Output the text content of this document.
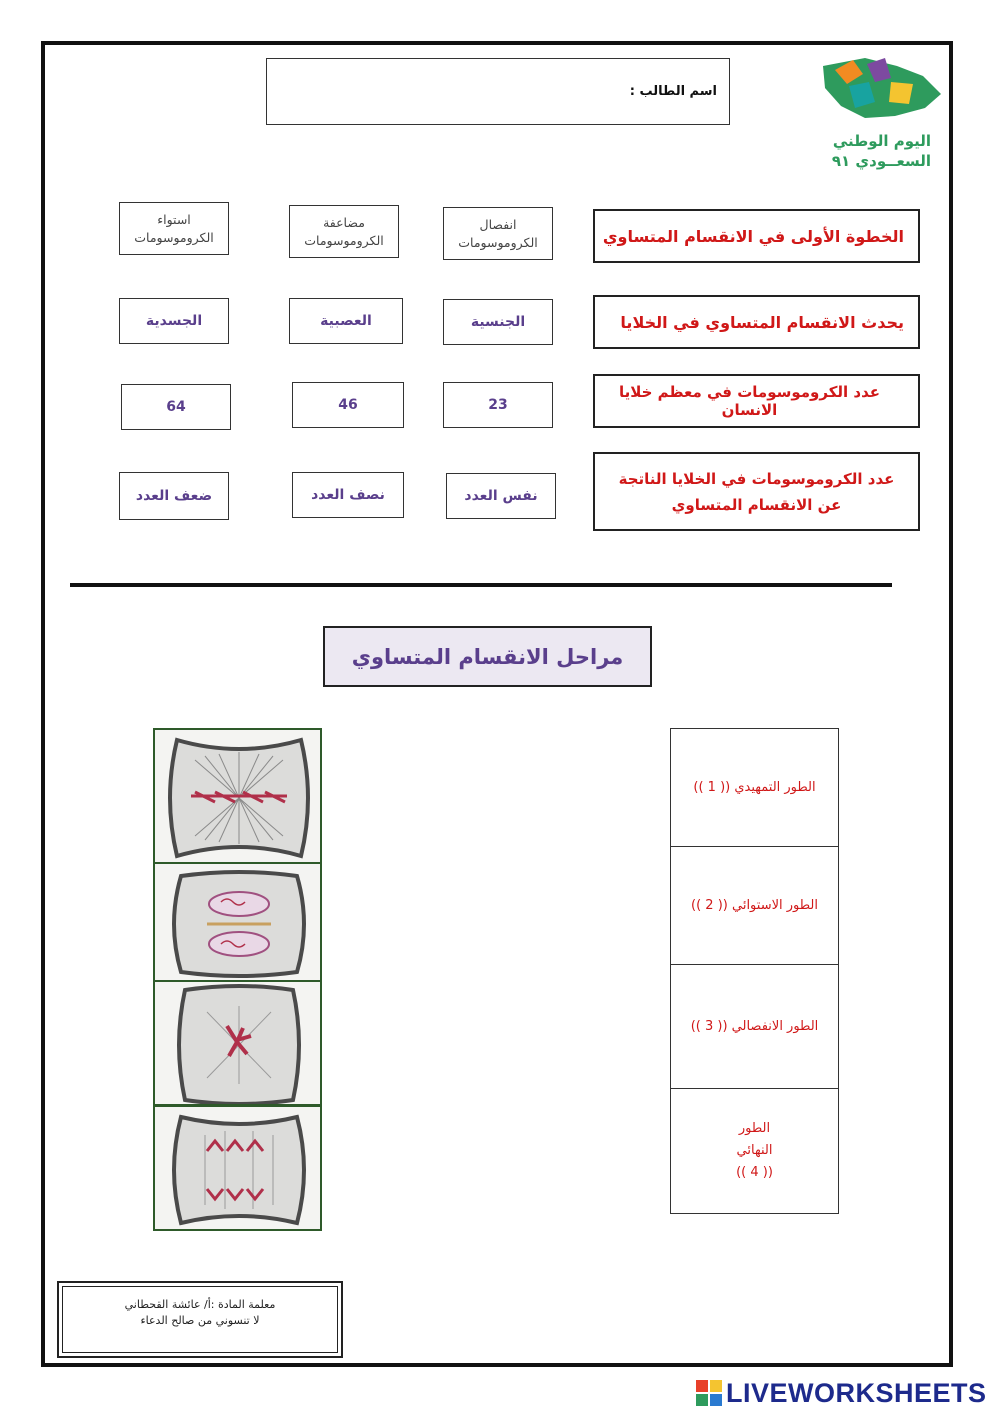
اليوم الوطني
السعــودي ٩١
اسم الطالب :
الخطوة الأولى في الانقسام المتساوي
انفصال الكروموسومات
مضاعفة الكروموسومات
استواء الكروموسومات
يحدث الانقسام المتساوي في الخلايا
الجنسية
العصبية
الجسدية
عدد الكروموسومات في معظم خلايا الانسان
23
46
64
عدد الكروموسومات في الخلايا الناتجة عن الانقسام المتساوي
نفس العدد
نصف العدد
ضعف العدد
مراحل الانقسام المتساوي
الطور التمهيدي (( 1 ))
الطور الاستوائي (( 2 ))
الطور الانفصالي (( 3 ))
الطور النهائي (( 4 ))
معلمة المادة :أ/ عائشة القحطاني
لا تنسوني من صالح الدعاء
LIVEWORKSHEETS
